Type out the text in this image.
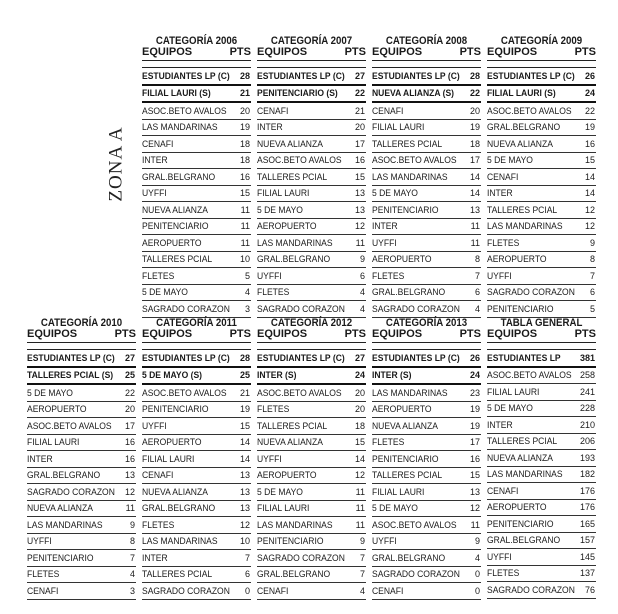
ZONA A
CATEGORÍA 2006
EQUIPOS	PTS
ESTUDIANTES LP (C) 28
FILIAL LAURI (S)	21
ASOC.BETO AVALOS 20
LAS MANDARINAS 19
CENAFI	18
INTER	18
GRAL.BELGRANO	16
UYFFI	15
NUEVA ALIANZA	11
PENITENCIARIO	11
AEROPUERTO	11
TALLERES PCIAL	10
FLETES	5
5 DE MAYO	4
SAGRADO CORAZON 3
CATEGORÍA 2007
EQUIPOS	PTS
ESTUDIANTES LP (C) 27
PENITENCIARIO (S) 22
CENAFI	21
INTER	20
NUEVA ALIANZA	17
ASOC.BETO AVALOS 16
TALLERES PCIAL	15
FILIAL LAURI	13
5 DE MAYO	13
AEROPUERTO	12
LAS MANDARINAS	11
GRAL.BELGRANO	9
UYFFI	6
FLETES	4
SAGRADO CORAZON 4
CATEGORÍA 2008
EQUIPOS	PTS
ESTUDIANTES LP (C) 28
NUEVA ALIANZA (S) 22
CENAFI	20
FILIAL LAURI	19
TALLERES PCIAL	18
ASOC.BETO AVALOS 17
LAS MANDARINAS 14
5 DE MAYO	14
PENITENCIARIO	13
INTER	11
UYFFI	11
AEROPUERTO	8
FLETES	7
GRAL.BELGRANO	6
SAGRADO CORAZON 4
CATEGORÍA 2009
EQUIPOS	PTS
ESTUDIANTES LP (C) 26
FILIAL LAURI (S)	24
ASOC.BETO AVALOS 22
GRAL.BELGRANO	19
NUEVA ALIANZA	16
5 DE MAYO	15
CENAFI	14
INTER	14
TALLERES PCIAL	12
LAS MANDARINAS 12
FLETES	9
AEROPUERTO	8
UYFFI	7
SAGRADO CORAZON 6
PENITENCIARIO	5
CATEGORÍA 2010
EQUIPOS	PTS
ESTUDIANTES LP (C) 27
TALLERES PCIAL (S) 25
5 DE MAYO	22
AEROPUERTO	20
ASOC.BETO AVALOS 17
FILIAL LAURI	16
INTER	16
GRAL.BELGRANO	13
SAGRADO CORAZON 12
NUEVA ALIANZA	11
LAS MANDARINAS	9
UYFFI	8
PENITENCIARIO	7
FLETES	4
CENAFI	3
CATEGORÍA 2011
EQUIPOS	PTS
ESTUDIANTES LP (C) 28
5 DE MAYO (S)	25
ASOC.BETO AVALOS 21
PENITENCIARIO	19
UYFFI	15
AEROPUERTO	14
FILIAL LAURI	14
CENAFI	13
NUEVA ALIANZA	13
GRAL.BELGRANO	13
FLETES	12
LAS MANDARINAS 10
INTER	7
TALLERES PCIAL	6
SAGRADO CORAZON 0
CATEGORÍA 2012
EQUIPOS	PTS
ESTUDIANTES LP (C) 27
INTER (S)	24
ASOC.BETO AVALOS 20
FLETES	20
TALLERES PCIAL	18
NUEVA ALIANZA	15
UYFFI	14
AEROPUERTO	12
5 DE MAYO	11
FILIAL LAURI	11
LAS MANDARINAS	11
PENITENCIARIO	9
SAGRADO CORAZON 7
GRAL.BELGRANO	7
CENAFI	4
CATEGORÍA 2013
EQUIPOS	PTS
ESTUDIANTES LP (C) 26
INTER (S)	24
LAS MANDARINAS 23
AEROPUERTO	19
NUEVA ALIANZA	19
FLETES	17
PENITENCIARIO	16
TALLERES PCIAL	15
FILIAL LAURI	13
5 DE MAYO	12
ASOC.BETO AVALOS 11
UYFFI	9
GRAL.BELGRANO	4
SAGRADO CORAZON 0
CENAFI	0
TABLA GENERAL
EQUIPOS	PTS
ESTUDIANTES LP 381
ASOC.BETO AVALOS 258
FILIAL LAURI	241
5 DE MAYO	228
INTER	210
TALLERES PCIAL	206
NUEVA ALIANZA	193
LAS MANDARINAS 182
CENAFI	176
AEROPUERTO	176
PENITENCIARIO	165
GRAL.BELGRANO 157
UYFFI	145
FLETES	137
SAGRADO CORAZON 76
